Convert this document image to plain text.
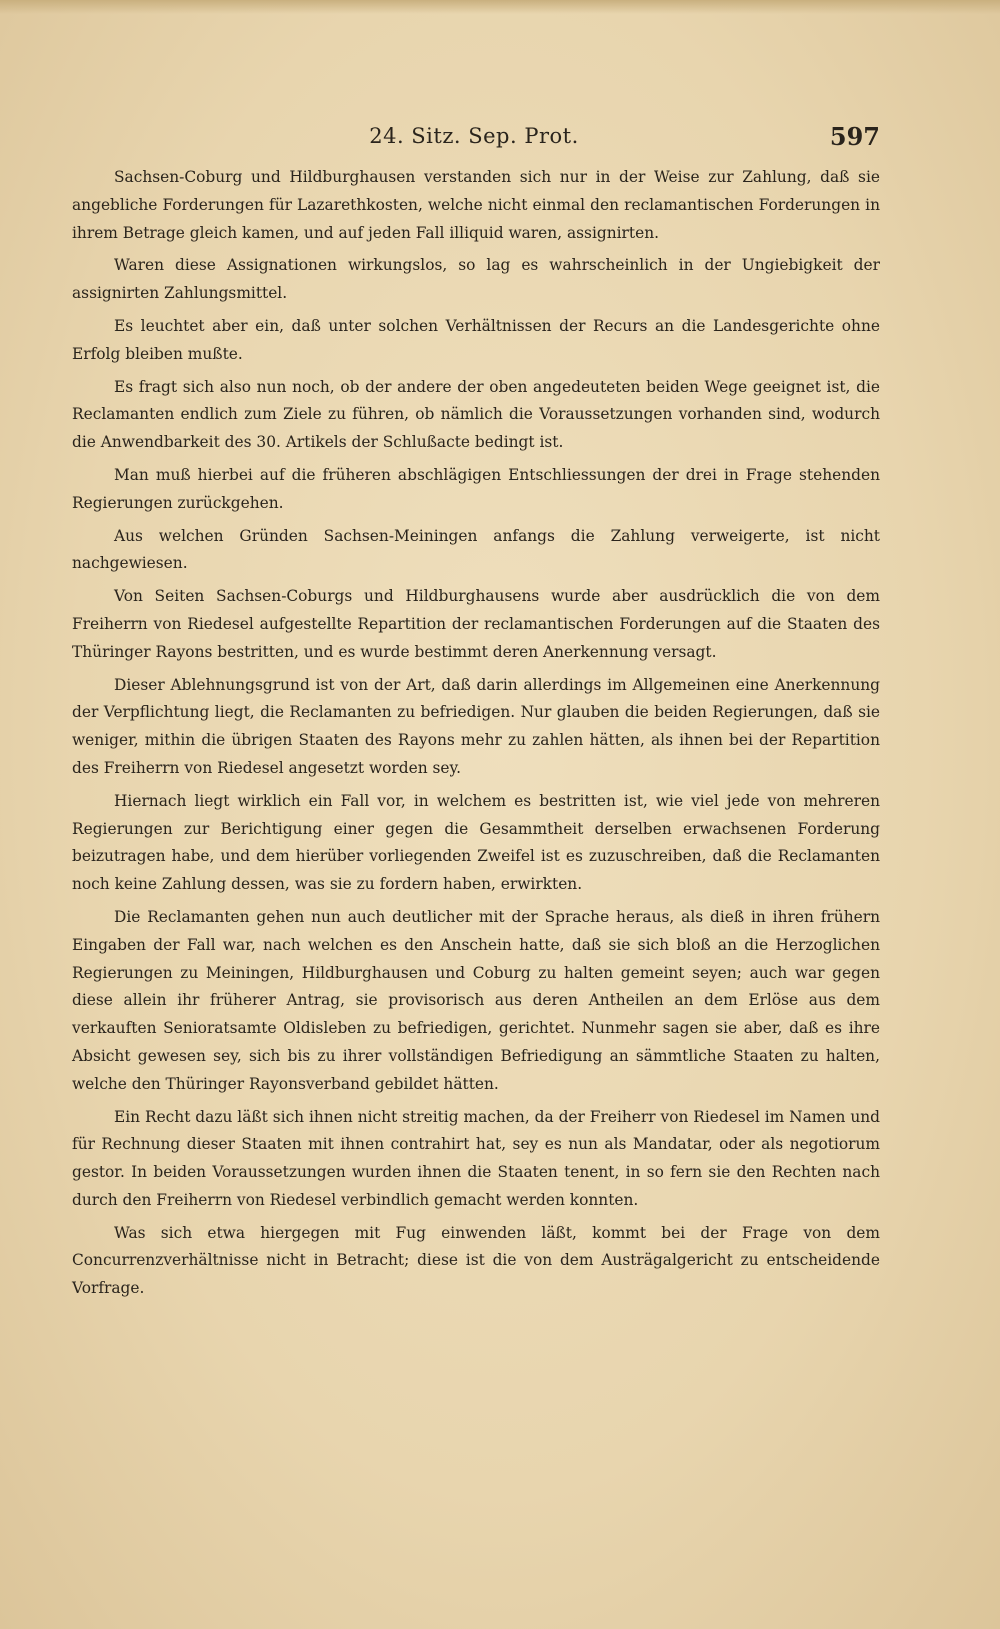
24. Sitz. Sep. Prot.	597

Sachsen-Coburg und Hildburghausen verstanden sich nur in der Weise zur Zahlung, daß sie angebliche Forderungen für Lazarethkosten, welche nicht einmal den reclamantischen Forderungen in ihrem Betrage gleich kamen, und auf jeden Fall illiquid waren, assignirten.

Waren diese Assignationen wirkungslos, so lag es wahrscheinlich in der Ungiebigkeit der assignirten Zahlungsmittel.

Es leuchtet aber ein, daß unter solchen Verhältnissen der Recurs an die Landesgerichte ohne Erfolg bleiben mußte.

Es fragt sich also nun noch, ob der andere der oben angedeuteten beiden Wege geeignet ist, die Reclamanten endlich zum Ziele zu führen, ob nämlich die Voraussetzungen vorhanden sind, wodurch die Anwendbarkeit des 30. Artikels der Schlußacte bedingt ist.

Man muß hierbei auf die früheren abschlägigen Entschliessungen der drei in Frage stehenden Regierungen zurückgehen.

Aus welchen Gründen Sachsen-Meiningen anfangs die Zahlung verweigerte, ist nicht nachgewiesen.

Von Seiten Sachsen-Coburgs und Hildburghausens wurde aber ausdrücklich die von dem Freiherrn von Riedesel aufgestellte Repartition der reclamantischen Forderungen auf die Staaten des Thüringer Rayons bestritten, und es wurde bestimmt deren Anerkennung versagt.

Dieser Ablehnungsgrund ist von der Art, daß darin allerdings im Allgemeinen eine Anerkennung der Verpflichtung liegt, die Reclamanten zu befriedigen. Nur glauben die beiden Regierungen, daß sie weniger, mithin die übrigen Staaten des Rayons mehr zu zahlen hätten, als ihnen bei der Repartition des Freiherrn von Riedesel angesetzt worden sey.

Hiernach liegt wirklich ein Fall vor, in welchem es bestritten ist, wie viel jede von mehreren Regierungen zur Berichtigung einer gegen die Gesammtheit derselben erwachsenen Forderung beizutragen habe, und dem hierüber vorliegenden Zweifel ist es zuzuschreiben, daß die Reclamanten noch keine Zahlung dessen, was sie zu fordern haben, erwirkten.

Die Reclamanten gehen nun auch deutlicher mit der Sprache heraus, als dieß in ihren frühern Eingaben der Fall war, nach welchen es den Anschein hatte, daß sie sich bloß an die Herzoglichen Regierungen zu Meiningen, Hildburghausen und Coburg zu halten gemeint seyen; auch war gegen diese allein ihr früherer Antrag, sie provisorisch aus deren Antheilen an dem Erlöse aus dem verkauften Senioratsamte Oldisleben zu befriedigen, gerichtet. Nunmehr sagen sie aber, daß es ihre Absicht gewesen sey, sich bis zu ihrer vollständigen Befriedigung an sämmtliche Staaten zu halten, welche den Thüringer Rayonsverband gebildet hätten.

Ein Recht dazu läßt sich ihnen nicht streitig machen, da der Freiherr von Riedesel im Namen und für Rechnung dieser Staaten mit ihnen contrahirt hat, sey es nun als Mandatar, oder als negotiorum gestor. In beiden Voraussetzungen wurden ihnen die Staaten tenent, in so fern sie den Rechten nach durch den Freiherrn von Riedesel verbindlich gemacht werden konnten.

Was sich etwa hiergegen mit Fug einwenden läßt, kommt bei der Frage von dem Concurrenzverhältnisse nicht in Betracht; diese ist die von dem Austrägalgericht zu entscheidende Vorfrage.
